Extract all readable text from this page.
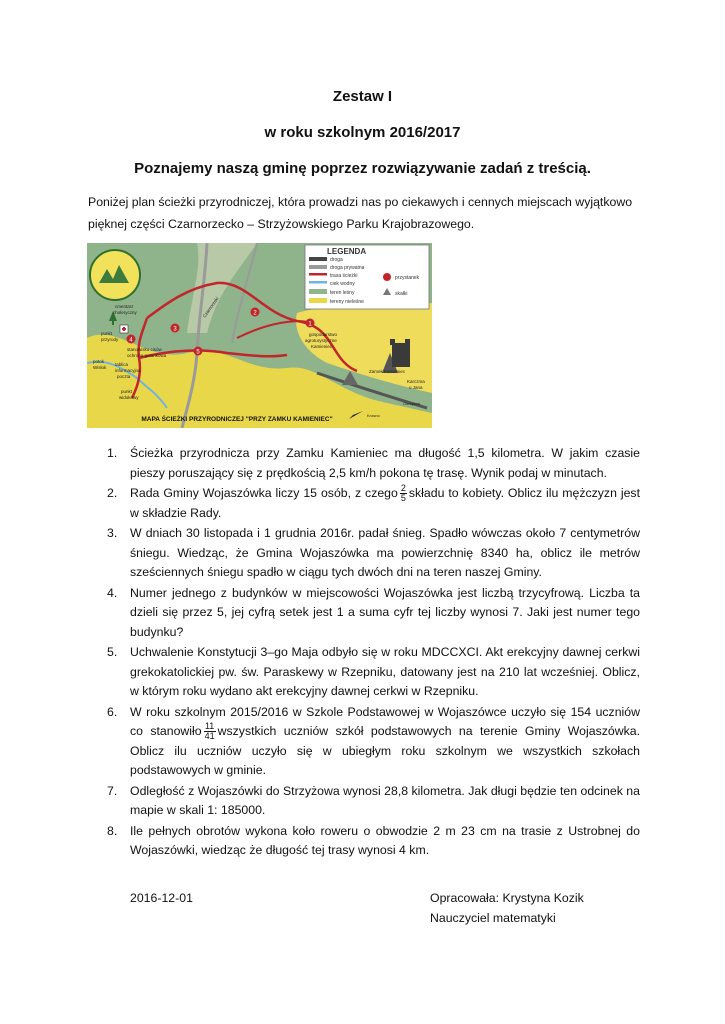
Zestaw I
w roku szkolnym 2016/2017
Poznajemy naszą gminę poprzez rozwiązywanie zadań z treścią.
Poniżej plan ścieżki przyrodniczej, która prowadzi nas po ciekawych i cennych miejscach wyjątkowo
pięknej części Czarnorzecko – Strzyżowskiego Parku Krajobrazowego.
LEGENDA
droga
droga prywatna
trasa ścieżki
ciek wodny
teren leśny
tereny nieleśne
przystanek
skałki
1
2
3
4
5
cmentarz
choleryczny
punkt
przyrody
stanowisko cisów
ochrona gatunkowa
tablica
informacyjna
poczta
punkt
widokowy
gospodarstwo
agroturystyczne
Kamieniec
Zamek Kamieniec
Karczma
u Jana
Odrzykoń
Czarnorzeki
potok
Wisłok
Krosno
MAPA ŚCIEŻKI PRZYRODNICZEJ "PRZY ZAMKU KAMIENIEC"
1.	Ścieżka przyrodnicza przy Zamku Kamieniec ma długość 1,5 kilometra. W jakim czasie pieszy poruszający się z prędkością 2,5 km/h pokona tę trasę. Wynik podaj w minutach.
2.	Rada Gminy Wojaszówka liczy 15 osób, z czego $\frac{2}{5}$ składu to kobiety. Oblicz ilu mężczyzn jest w składzie Rady.
3.	W dniach 30 listopada i 1 grudnia 2016r. padał śnieg. Spadło wówczas około 7 centymetrów śniegu. Wiedząc, że Gmina Wojaszówka ma powierzchnię 8340 ha, oblicz ile metrów sześciennych śniegu spadło w ciągu tych dwóch dni na teren naszej Gminy.
4.	Numer jednego z budynków w miejscowości Wojaszówka jest liczbą trzycyfrową. Liczba ta dzieli się przez 5, jej cyfrą setek jest 1 a suma cyfr tej liczby wynosi 7. Jaki jest numer tego budynku?
5.	Uchwalenie Konstytucji 3–go Maja odbyło się w roku MDCCXCI. Akt erekcyjny dawnej cerkwi grekokatolickiej pw. św. Paraskewy w Rzepniku, datowany jest na 210 lat wcześniej. Oblicz, w którym roku wydano akt erekcyjny dawnej cerkwi w Rzepniku.
6.	W roku szkolnym 2015/2016 w Szkole Podstawowej w Wojaszówce uczyło się 154 uczniów co stanowiło $\frac{11}{41}$ wszystkich uczniów szkół podstawowych na terenie Gminy Wojaszówka. Oblicz ilu uczniów uczyło się w ubiegłym roku szkolnym we wszystkich szkołach podstawowych w gminie.
7.	Odległość z Wojaszówki do Strzyżowa wynosi 28,8 kilometra. Jak długi będzie ten odcinek na mapie w skali 1: 185000.
8.	Ile pełnych obrotów wykona koło roweru o obwodzie 2 m 23 cm na trasie z Ustrobnej do Wojaszówki, wiedząc że długość tej trasy wynosi 4 km.
2016-12-01	Opracowała: Krystyna Kozik
Nauczyciel matematyki
